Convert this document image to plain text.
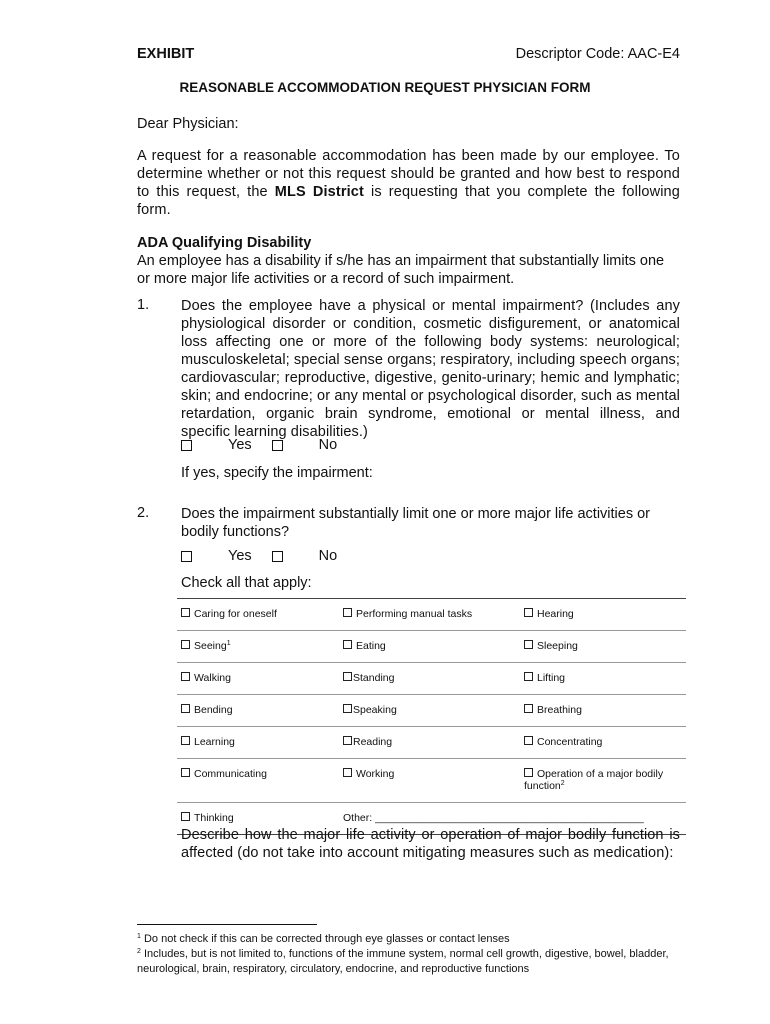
EXHIBIT	Descriptor Code: AAC-E4
REASONABLE ACCOMMODATION REQUEST PHYSICIAN FORM
Dear Physician:
A request for a reasonable accommodation has been made by our employee. To determine whether or not this request should be granted and how best to respond to this request, the MLS District is requesting that you complete the following form.
ADA Qualifying Disability
An employee has a disability if s/he has an impairment that substantially limits one or more major life activities or a record of such impairment.
1. Does the employee have a physical or mental impairment? (Includes any physiological disorder or condition, cosmetic disfigurement, or anatomical loss affecting one or more of the following body systems: neurological; musculoskeletal; special sense organs; respiratory, including speech organs; cardiovascular; reproductive, digestive, genito-urinary; hemic and lymphatic; skin; and endocrine; or any mental or psychological disorder, such as mental retardation, organic brain syndrome, emotional or mental illness, and specific learning disabilities.)
Yes	No
If yes, specify the impairment:
2. Does the impairment substantially limit one or more major life activities or bodily functions?
Yes	No
Check all that apply:
Caring for oneself	Performing manual tasks	Hearing
Seeing$^1$	Eating	Sleeping
Walking	Standing	Lifting
Bending	Speaking	Breathing
Learning	Reading	Concentrating
Communicating	Working	Operation of a major bodily function$^2$
Thinking	Other: ______________________________________________
Describe how the major life activity or operation of major bodily function is affected (do not take into account mitigating measures such as medication):
$^1$ Do not check if this can be corrected through eye glasses or contact lenses
$^2$ Includes, but is not limited to, functions of the immune system, normal cell growth, digestive, bowel, bladder, neurological, brain, respiratory, circulatory, endocrine, and reproductive functions
